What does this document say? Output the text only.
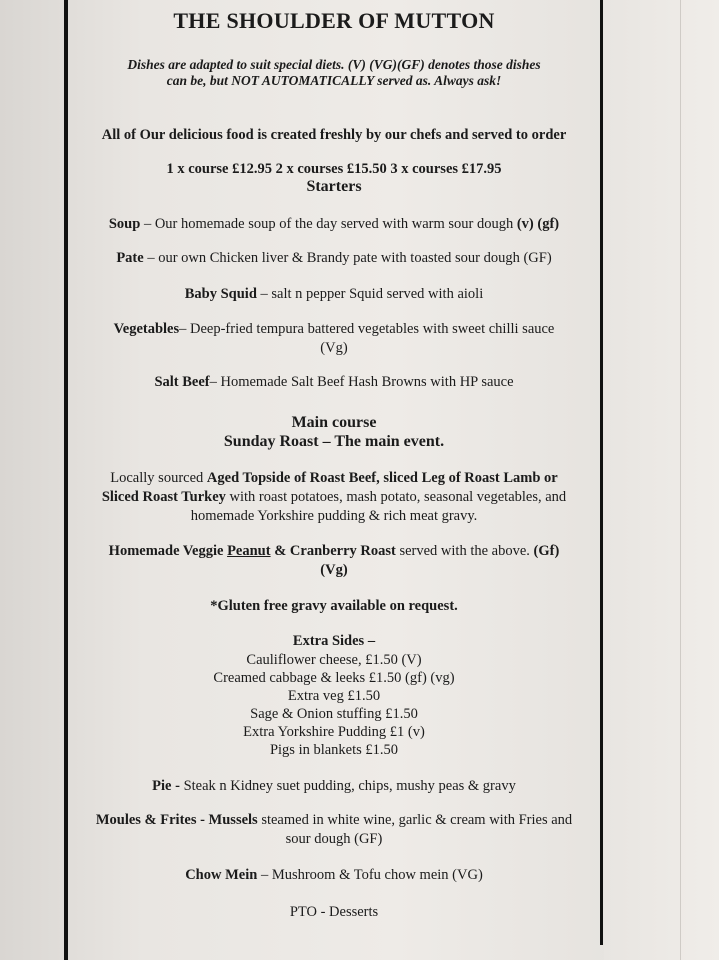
THE SHOULDER OF MUTTON
Dishes are adapted to suit special diets. (V) (VG)(GF) denotes those dishes
can be, but NOT AUTOMATICALLY served as. Always ask!
All of Our delicious food is created freshly by our chefs and served to order
1 x course £12.95 2 x courses £15.50 3 x courses £17.95
Starters
Soup – Our homemade soup of the day served with warm sour dough (v) (gf)
Pate – our own Chicken liver & Brandy pate with toasted sour dough (GF)
Baby Squid – salt n pepper Squid served with aioli
Vegetables– Deep-fried tempura battered vegetables with sweet chilli sauce
(Vg)
Salt Beef– Homemade Salt Beef Hash Browns with HP sauce
Main course
Sunday Roast – The main event.
Locally sourced Aged Topside of Roast Beef, sliced Leg of Roast Lamb or
Sliced Roast Turkey with roast potatoes, mash potato, seasonal vegetables, and
homemade Yorkshire pudding & rich meat gravy.
Homemade Veggie Peanut & Cranberry Roast served with the above. (Gf)
(Vg)
*Gluten free gravy available on request.
Extra Sides –
Cauliflower cheese, £1.50 (V)
Creamed cabbage & leeks £1.50 (gf) (vg)
Extra veg £1.50
Sage & Onion stuffing £1.50
Extra Yorkshire Pudding £1 (v)
Pigs in blankets £1.50
Pie - Steak n Kidney suet pudding, chips, mushy peas & gravy
Moules & Frites - Mussels steamed in white wine, garlic & cream with Fries and
sour dough (GF)
Chow Mein – Mushroom & Tofu chow mein (VG)
PTO - Desserts
